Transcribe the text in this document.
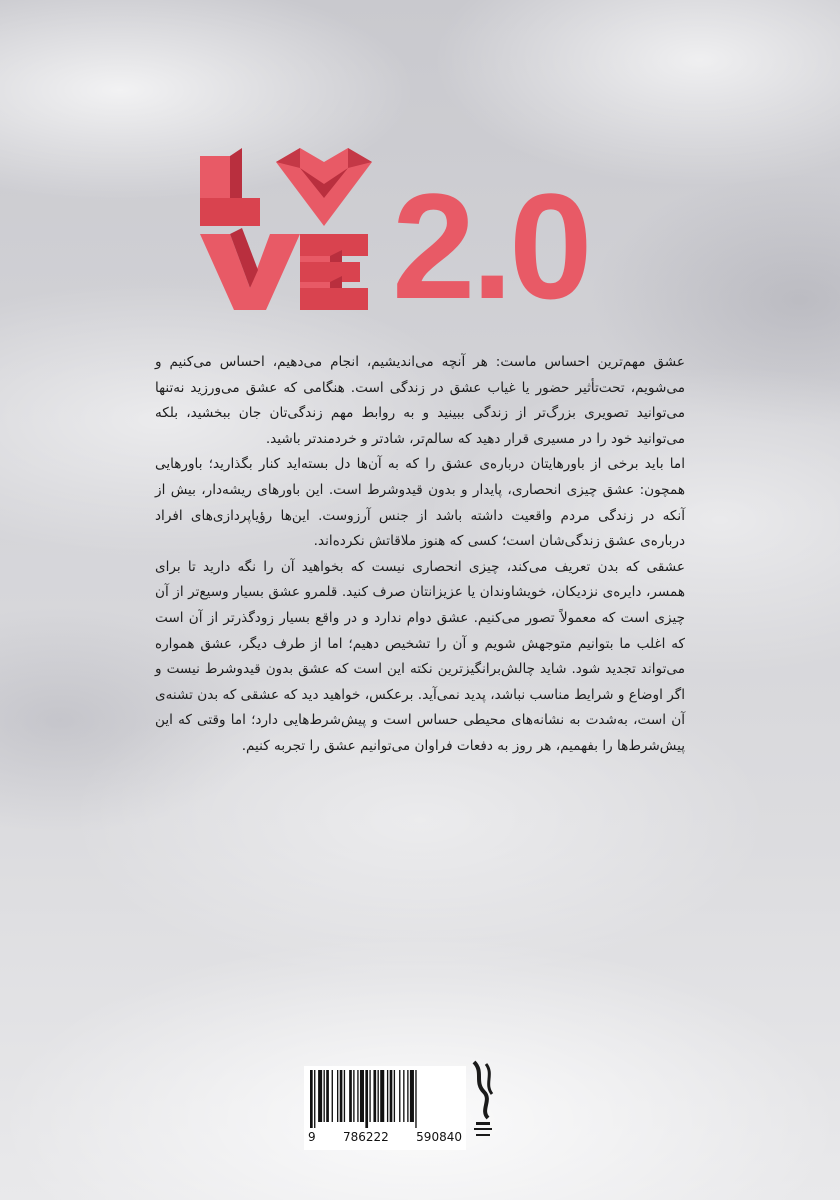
2.0

عشق مهم‌ترین احساس ماست: هر آنچه می‌اندیشیم، انجام می‌دهیم، احساس می‌کنیم و می‌شویم، تحت‌تأثیر حضور یا غیاب عشق در زندگی است. هنگامی که عشق می‌ورزید نه‌تنها می‌توانید تصویری بزرگ‌تر از زندگی ببینید و به روابط مهم زندگی‌تان جان ببخشید، بلکه می‌توانید خود را در مسیری قرار دهید که سالم‌تر، شادتر و خردمندتر باشید.

اما باید برخی از باورهایتان درباره‌ی عشق را که به آن‌ها دل بسته‌اید کنار بگذارید؛ باورهایی همچون: عشق چیزی انحصاری، پایدار و بدون قیدوشرط است. این باورهای ریشه‌دار، بیش از آنکه در زندگی مردم واقعیت داشته باشد از جنس آرزوست. این‌ها رؤیاپردازی‌های افراد درباره‌ی عشق زندگی‌شان است؛ کسی که هنوز ملاقاتش نکرده‌اند.

عشقی که بدن تعریف می‌کند، چیزی انحصاری نیست که بخواهید آن را نگه دارید تا برای همسر، دایره‌ی نزدیکان، خویشاوندان یا عزیزانتان صرف کنید. قلمرو عشق بسیار وسیع‌تر از آن چیزی است که معمولاً تصور می‌کنیم. عشق دوام ندارد و در واقع بسیار زودگذرتر از آن است که اغلب ما بتوانیم متوجهش شویم و آن را تشخیص دهیم؛ اما از طرف دیگر، عشق همواره می‌تواند تجدید شود. شاید چالش‌برانگیزترین نکته این است که عشق بدون قیدوشرط نیست و اگر اوضاع و شرایط مناسب نباشد، پدید نمی‌آید. برعکس، خواهید دید که عشقی که بدن تشنه‌ی آن است، به‌شدت به نشانه‌های محیطی حساس است و پیش‌شرط‌هایی دارد؛ اما وقتی که این پیش‌شرط‌ها را بفهمیم، هر روز به دفعات فراوان می‌توانیم عشق را تجربه کنیم.

9 786222 590840
